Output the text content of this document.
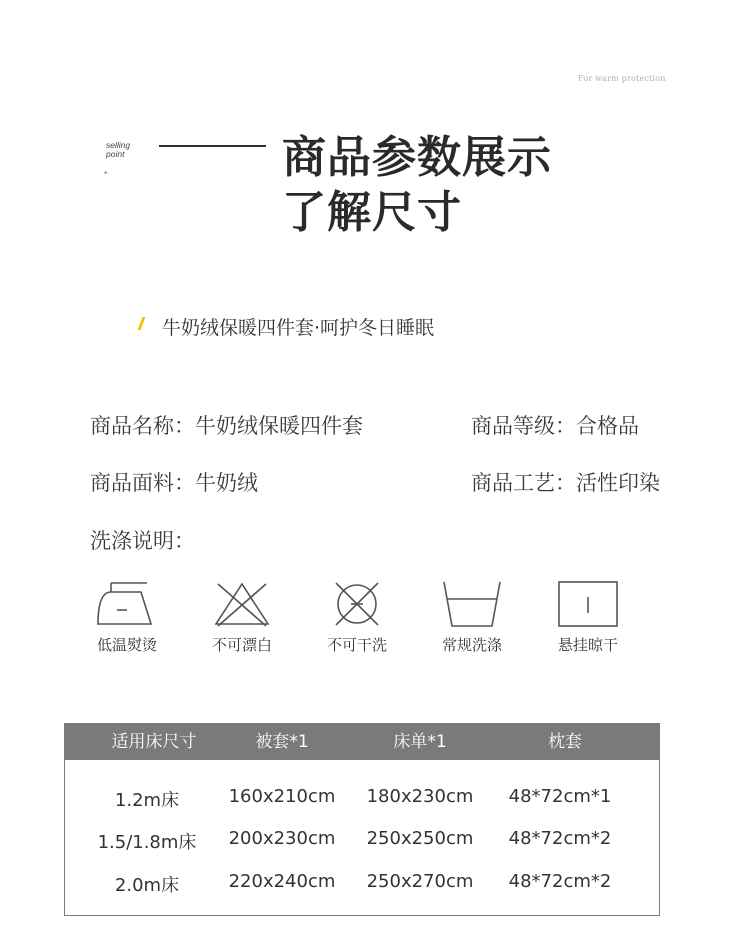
For warm protection
selling
point
*	商品参数展示
了解尺寸
牛奶绒保暖四件套·呵护冬日睡眠
商品名称：牛奶绒保暖四件套	商品等级：合格品
商品面料：牛奶绒	商品工艺：活性印染
洗涤说明：
低温熨烫	不可漂白	不可干洗	常规洗涤	悬挂晾干
适用床尺寸	被套*1	床单*1	枕套
1.2m床	160x210cm	180x230cm	48*72cm*1
1.5/1.8m床	200x230cm	250x250cm	48*72cm*2
2.0m床	220x240cm	250x270cm	48*72cm*2
